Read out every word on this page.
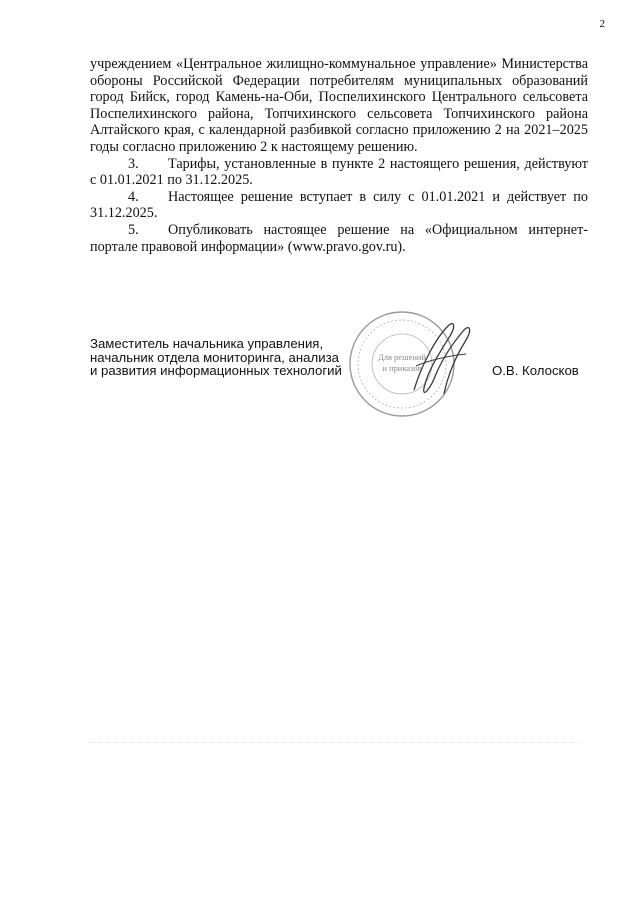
2

учреждением «Центральное жилищно-коммунальное управление» Министерства обороны Российской Федерации потребителям муниципальных образований город Бийск, город Камень-на-Оби, Поспелихинского Центрального сельсовета Поспелихинского района, Топчихинского сельсовета Топчихинского района Алтайского края, с календарной разбивкой согласно приложению 2 на 2021–2025 годы согласно приложению 2 к настоящему решению.

3. Тарифы, установленные в пункте 2 настоящего решения, действуют с 01.01.2021 по 31.12.2025.

4. Настоящее решение вступает в силу с 01.01.2021 и действует по 31.12.2025.

5. Опубликовать настоящее решение на «Официальном интернет-портале правовой информации» (www.pravo.gov.ru).

Для решений
и приказов

Заместитель начальника управления,

начальник отдела мониторинга, анализа

и развития информационных технологий	О.В. Колосков
